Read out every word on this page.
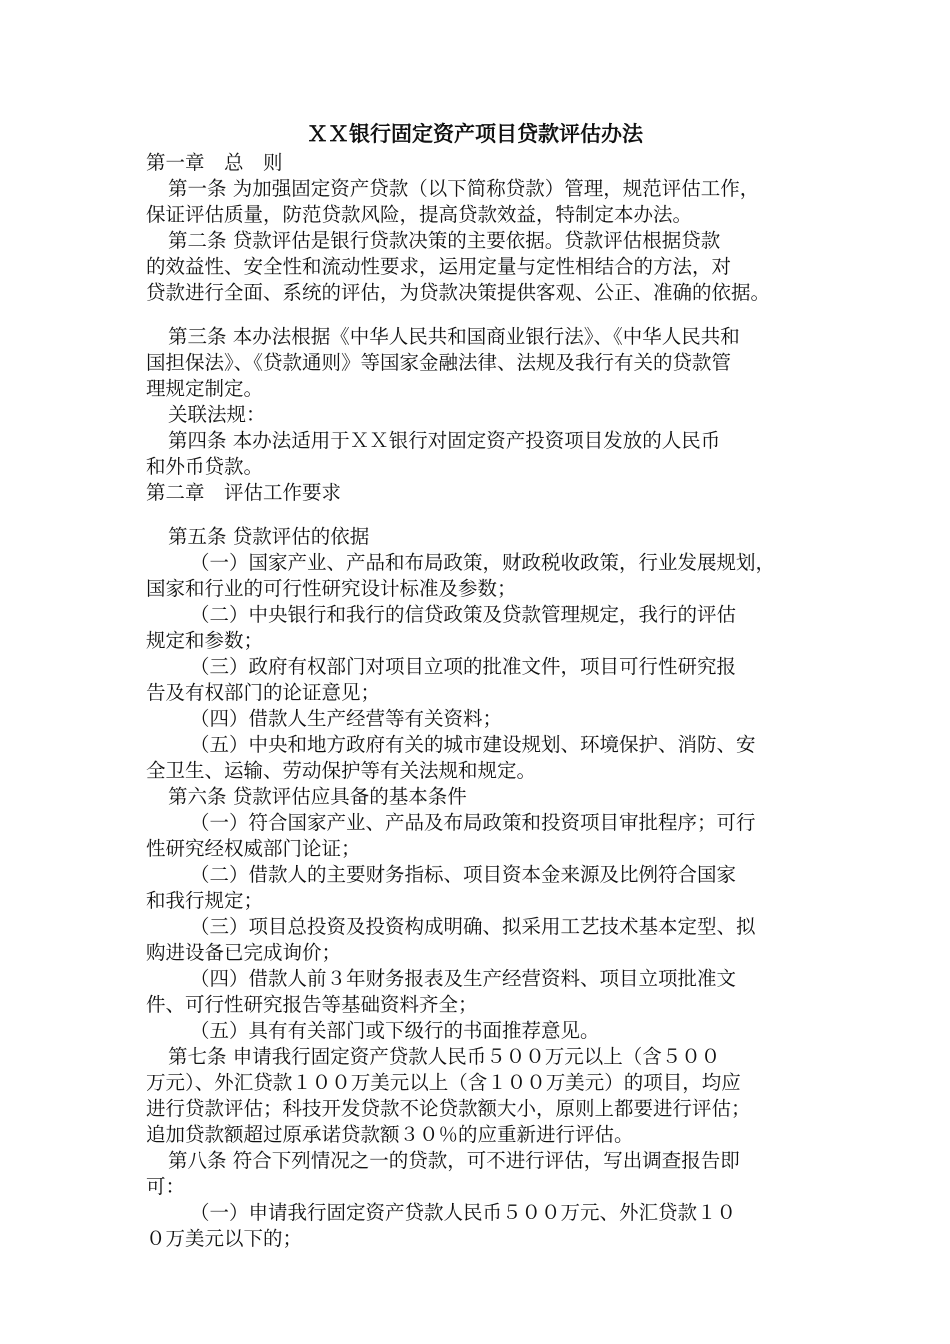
ＸＸ银行固定资产项目贷款评估办法
第一章　总　则
第一条 为加强固定资产贷款（以下简称贷款）管理，规范评估工作，
保证评估质量，防范贷款风险，提高贷款效益，特制定本办法。
第二条 贷款评估是银行贷款决策的主要依据。贷款评估根据贷款
的效益性、安全性和流动性要求，运用定量与定性相结合的方法，对
贷款进行全面、系统的评估，为贷款决策提供客观、公正、准确的依据。
第三条 本办法根据《中华人民共和国商业银行法》、《中华人民共和
国担保法》、《贷款通则》等国家金融法律、法规及我行有关的贷款管
理规定制定。
关联法规：
第四条 本办法适用于ＸＸ银行对固定资产投资项目发放的人民币
和外币贷款。
第二章　评估工作要求
第五条 贷款评估的依据
（一）国家产业、产品和布局政策，财政税收政策，行业发展规划，
国家和行业的可行性研究设计标准及参数；
（二）中央银行和我行的信贷政策及贷款管理规定，我行的评估
规定和参数；
（三）政府有权部门对项目立项的批准文件，项目可行性研究报
告及有权部门的论证意见；
（四）借款人生产经营等有关资料；
（五）中央和地方政府有关的城市建设规划、环境保护、消防、安
全卫生、运输、劳动保护等有关法规和规定。
第六条 贷款评估应具备的基本条件
（一）符合国家产业、产品及布局政策和投资项目审批程序；可行
性研究经权威部门论证；
（二）借款人的主要财务指标、项目资本金来源及比例符合国家
和我行规定；
（三）项目总投资及投资构成明确、拟采用工艺技术基本定型、拟
购进设备已完成询价；
（四）借款人前３年财务报表及生产经营资料、项目立项批准文
件、可行性研究报告等基础资料齐全；
（五）具有有关部门或下级行的书面推荐意见。
第七条 申请我行固定资产贷款人民币５００万元以上（含５００
万元）、外汇贷款１００万美元以上（含１００万美元）的项目，均应
进行贷款评估；科技开发贷款不论贷款额大小，原则上都要进行评估；
追加贷款额超过原承诺贷款额３０％的应重新进行评估。
第八条 符合下列情况之一的贷款，可不进行评估，写出调查报告即
可：
（一）申请我行固定资产贷款人民币５００万元、外汇贷款１０
０万美元以下的；
